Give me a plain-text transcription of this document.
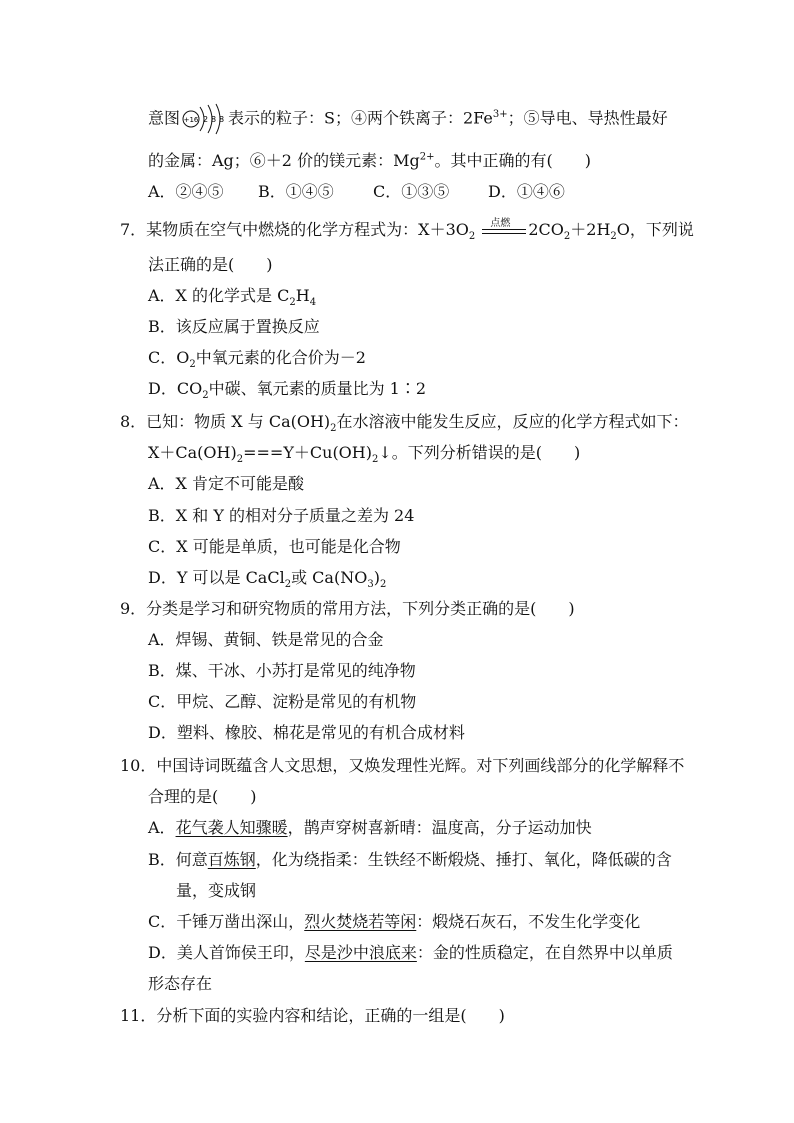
意图 +16 2 8 8 表示的粒子：S；④两个铁离子：$2Fe^{3+}$；⑤导电、导热性最好
的金属：Ag；⑥＋2 价的镁元素：$Mg^{2+}$。其中正确的有(　　)
A．②④⑤ B．①④⑤ C．①③⑤ D．①④⑥
7．某物质在空气中燃烧的化学方程式为：$X+3O_2$
点燃 $2CO_2+2H_2O$，下列说
法正确的是(　　)
A．X 的化学式是 $C_2H_4$
B．该反应属于置换反应
C．$O_2$中氧元素的化合价为－2
D．$CO_2$中碳、氧元素的质量比为 1∶2
8．已知：物质 X 与 $Ca(OH)_2$在水溶液中能发生反应，反应的化学方程式如下：
$X+Ca(OH)_2===Y+Cu(OH)_2↓$。下列分析错误的是(　　)
A．X 肯定不可能是酸
B．X 和 Y 的相对分子质量之差为 24
C．X 可能是单质，也可能是化合物
D．Y 可以是 CaCl$_2$或 $Ca(NO_3)_2$
9．分类是学习和研究物质的常用方法，下列分类正确的是(　　)
A．焊锡、黄铜、铁是常见的合金
B．煤、干冰、小苏打是常见的纯净物
C．甲烷、乙醇、淀粉是常见的有机物
D．塑料、橡胶、棉花是常见的有机合成材料
10．中国诗词既蕴含人文思想，又焕发理性光辉。对下列画线部分的化学解释不
合理的是(　　)
A．花气袭人知骤暖，鹊声穿树喜新晴：温度高，分子运动加快
B．何意百炼钢，化为绕指柔：生铁经不断煅烧、捶打、氧化，降低碳的含
量，变成钢
C．千锤万凿出深山，烈火焚烧若等闲：煅烧石灰石，不发生化学变化
D．美人首饰侯王印，尽是沙中浪底来：金的性质稳定，在自然界中以单质
形态存在
11．分析下面的实验内容和结论，正确的一组是(　　)
